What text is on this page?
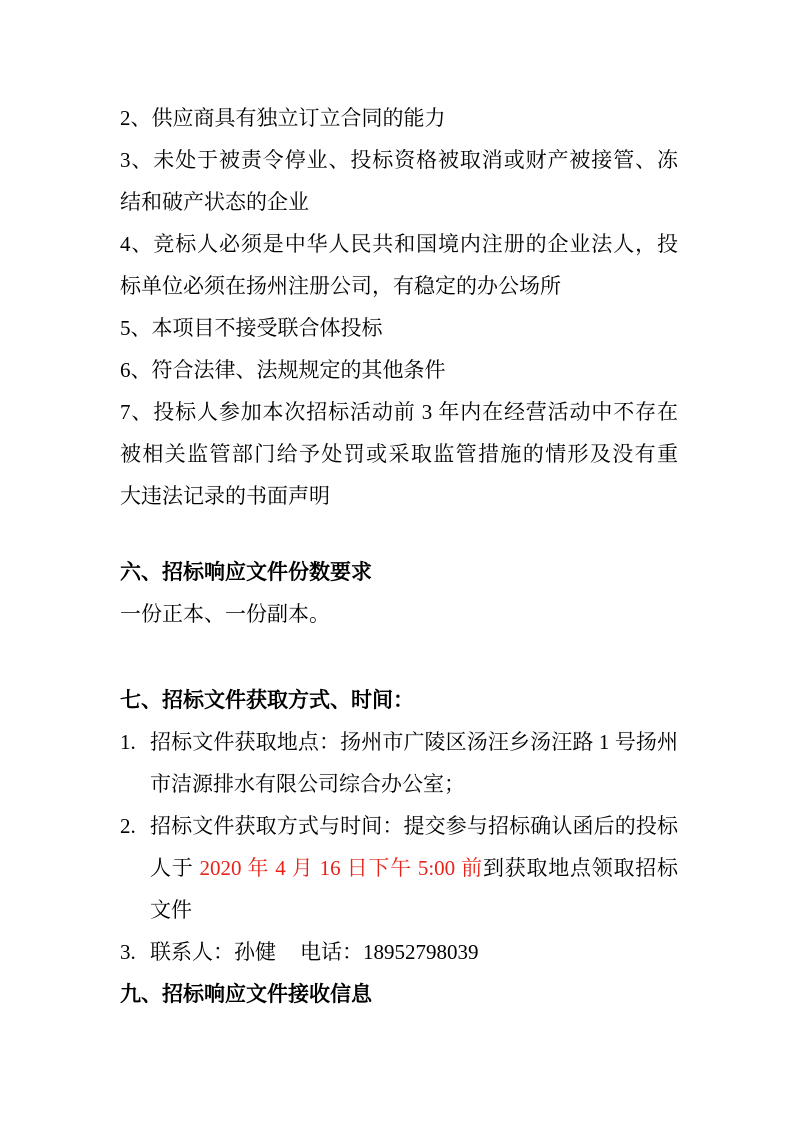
2、供应商具有独立订立合同的能力
3、未处于被责令停业、投标资格被取消或财产被接管、冻
结和破产状态的企业
4、竞标人必须是中华人民共和国境内注册的企业法人，投
标单位必须在扬州注册公司，有稳定的办公场所
5、本项目不接受联合体投标
6、符合法律、法规规定的其他条件
7、投标人参加本次招标活动前 3 年内在经营活动中不存在
被相关监管部门给予处罚或采取监管措施的情形及没有重
大违法记录的书面声明
六、招标响应文件份数要求
一份正本、一份副本。
七、招标文件获取方式、时间：
1. 招标文件获取地点：扬州市广陵区汤汪乡汤汪路 1 号扬州
市洁源排水有限公司综合办公室；
2. 招标文件获取方式与时间：提交参与招标确认函后的投标
人于 2020 年 4 月 16 日下午 5:00 前到获取地点领取招标
文件
3. 联系人：孙健 电话：18952798039
九、招标响应文件接收信息
